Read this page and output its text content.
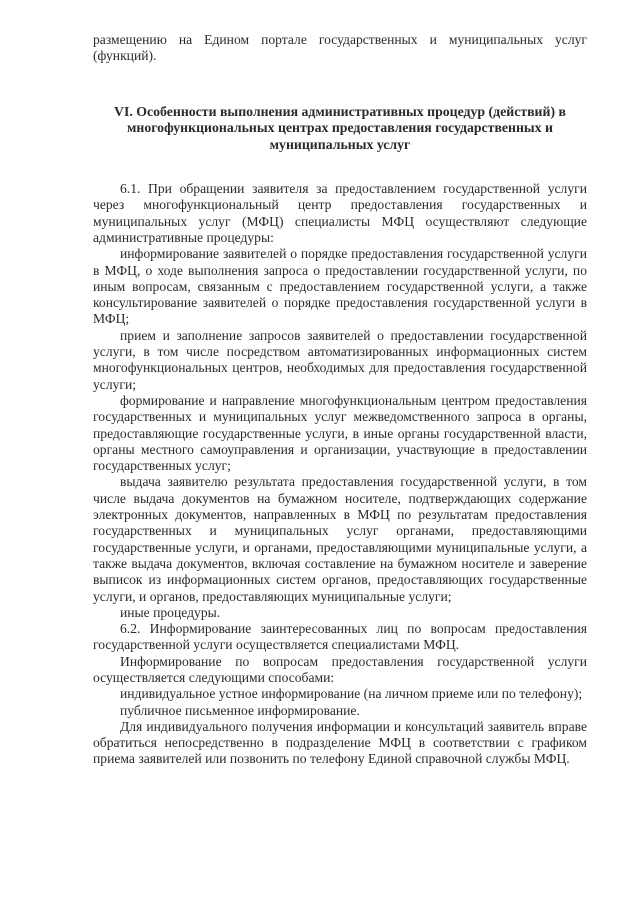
размещению на Едином портале государственных и муниципальных услуг (функций).

VI. Особенности выполнения административных процедур (действий) в многофункциональных центрах предоставления государственных и муниципальных услуг

6.1. При обращении заявителя за предоставлением государственной услуги через многофункциональный центр предоставления государственных и муниципальных услуг (МФЦ) специалисты МФЦ осуществляют следующие административные процедуры:

информирование заявителей о порядке предоставления государственной услуги в МФЦ, о ходе выполнения запроса о предоставлении государственной услуги, по иным вопросам, связанным с предоставлением государственной услуги, а также консультирование заявителей о порядке предоставления государственной услуги в МФЦ;

прием и заполнение запросов заявителей о предоставлении государственной услуги, в том числе посредством автоматизированных информационных систем многофункциональных центров, необходимых для предоставления государственной услуги;

формирование и направление многофункциональным центром предоставления государственных и муниципальных услуг межведомственного запроса в органы, предоставляющие государственные услуги, в иные органы государственной власти, органы местного самоуправления и организации, участвующие в предоставлении государственных услуг;

выдача заявителю результата предоставления государственной услуги, в том числе выдача документов на бумажном носителе, подтверждающих содержание электронных документов, направленных в МФЦ по результатам предоставления государственных и муниципальных услуг органами, предоставляющими государственные услуги, и органами, предоставляющими муниципальные услуги, а также выдача документов, включая составление на бумажном носителе и заверение выписок из информационных систем органов, предоставляющих государственные услуги, и органов, предоставляющих муниципальные услуги;

иные процедуры.

6.2. Информирование заинтересованных лиц по вопросам предоставления государственной услуги осуществляется специалистами МФЦ.

Информирование по вопросам предоставления государственной услуги осуществляется следующими способами:

индивидуальное устное информирование (на личном приеме или по телефону);

публичное письменное информирование.

Для индивидуального получения информации и консультаций заявитель вправе обратиться непосредственно в подразделение МФЦ в соответствии с графиком приема заявителей или позвонить по телефону Единой справочной службы МФЦ.
